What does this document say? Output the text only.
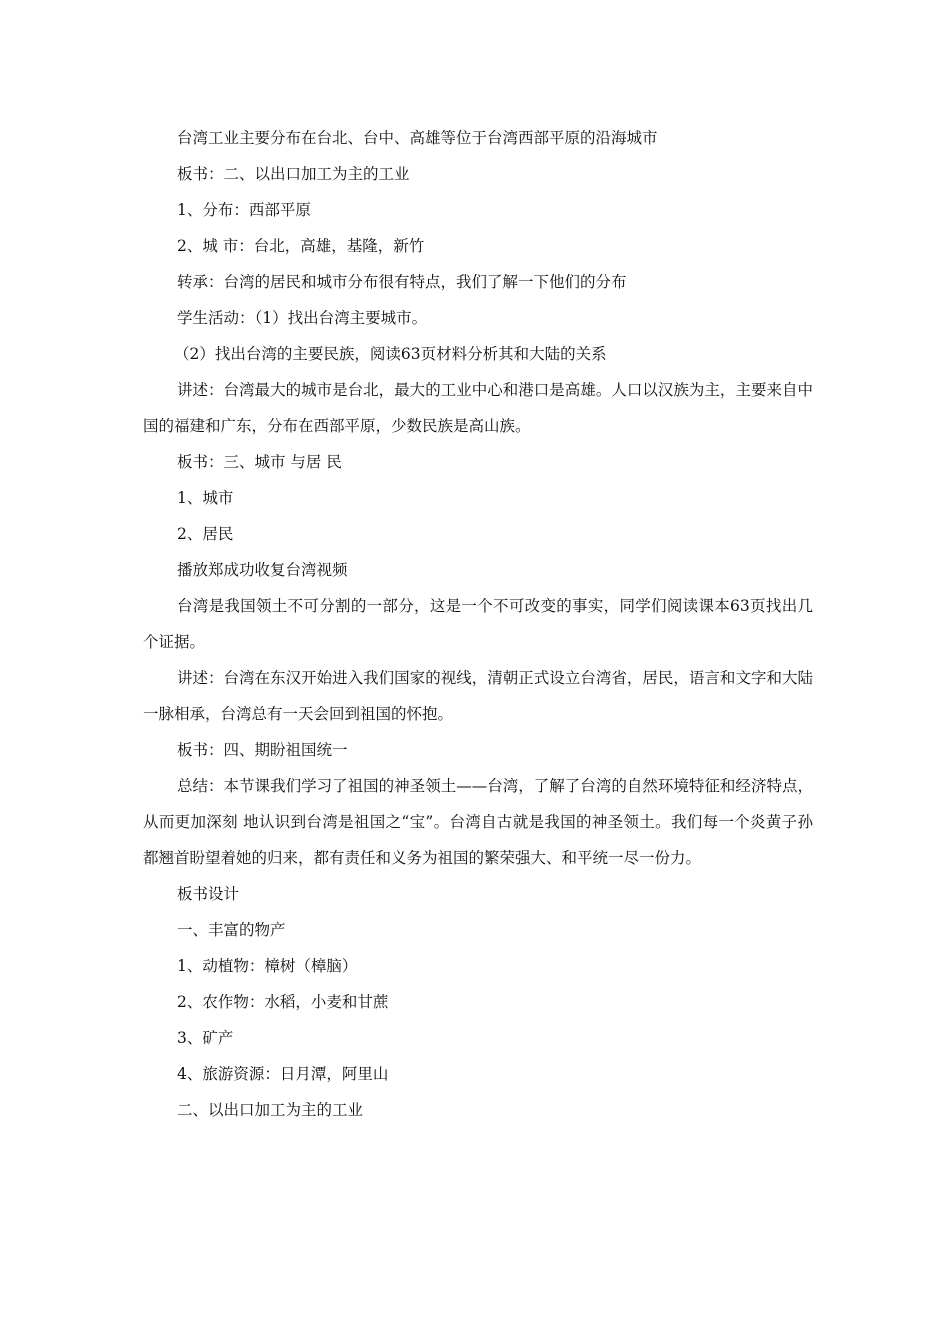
台湾工业主要分布在台北、台中、高雄等位于台湾西部平原的沿海城市

板书：二、以出口加工为主的工业

1、分布：西部平原

2、城 市：台北，高雄，基隆，新竹

转承：台湾的居民和城市分布很有特点，我们了解一下他们的分布

学生活动：（1）找出台湾主要城市。

（2）找出台湾的主要民族，阅读63页材料分析其和大陆的关系

讲述：台湾最大的城市是台北，最大的工业中心和港口是高雄。人口以汉族为主，主要来自中国的福建和广东，分布在西部平原，少数民族是高山族。

板书：三、城市 与居 民

1、城市

2、居民

播放郑成功收复台湾视频

台湾是我国领土不可分割的一部分，这是一个不可改变的事实，同学们阅读课本63页找出几个证据。

讲述：台湾在东汉开始进入我们国家的视线，清朝正式设立台湾省，居民，语言和文字和大陆一脉相承，台湾总有一天会回到祖国的怀抱。

板书：四、期盼祖国统一

总结：本节课我们学习了祖国的神圣领土——台湾，了解了台湾的自然环境特征和经济特点，从而更加深刻 地认识到台湾是祖国之“宝”。台湾自古就是我国的神圣领土。我们每一个炎黄子孙都翘首盼望着她的归来，都有责任和义务为祖国的繁荣强大、和平统一尽一份力。

板书设计

一、丰富的物产

1、动植物：樟树（樟脑）

2、农作物：水稻，小麦和甘蔗

3、矿产

4、旅游资源：日月潭，阿里山

二、以出口加工为主的工业
